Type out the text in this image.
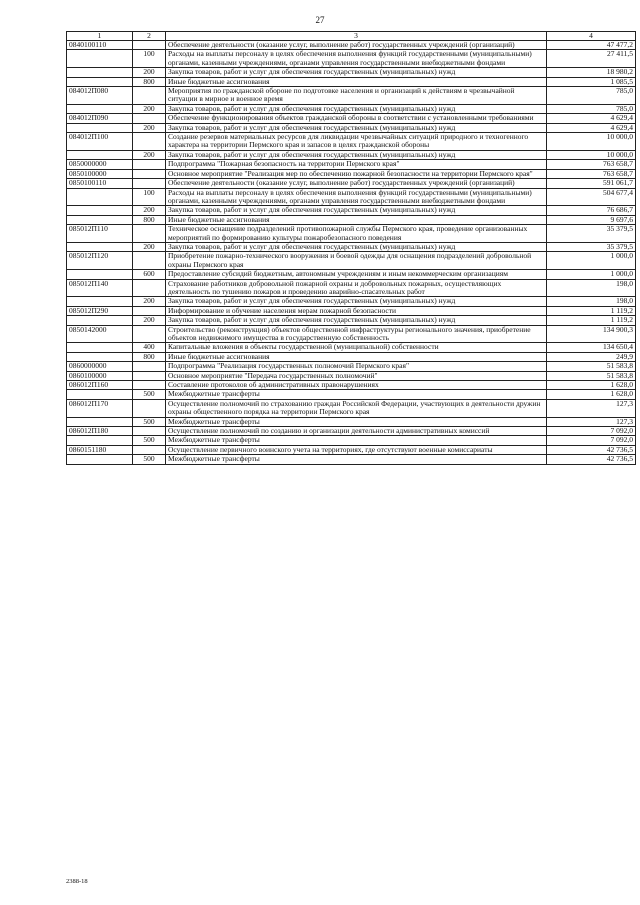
27
1	2	3	4
0840100110		Обеспечение деятельности (оказание услуг, выполнение работ) государственных учреждений (организаций)	47 477,2
	100	Расходы на выплаты персоналу в целях обеспечения выполнения функций государственными (муниципальными) органами, казенными учреждениями, органами управления государственными внебюджетными фондами	27 411,5
	200	Закупка товаров, работ и услуг для обеспечения государственных (муниципальных) нужд	18 980,2
	800	Иные бюджетные ассигнования	1 085,5
084012П080		Мероприятия по гражданской обороне по подготовке населения и организаций к действиям в чрезвычайной ситуации в мирное и военное время	785,0
	200	Закупка товаров, работ и услуг для обеспечения государственных (муниципальных) нужд	785,0
084012П090		Обеспечение функционирования объектов гражданской обороны в соответствии с установленными требованиями	4 629,4
	200	Закупка товаров, работ и услуг для обеспечения государственных (муниципальных) нужд	4 629,4
084012П100		Создание резервов материальных ресурсов для ликвидации чрезвычайных ситуаций природного и техногенного характера на территории Пермского края и запасов в целях гражданской обороны	10 000,0
	200	Закупка товаров, работ и услуг для обеспечения государственных (муниципальных) нужд	10 000,0
0850000000		Подпрограмма "Пожарная безопасность на территории Пермского края"	763 658,7
0850100000		Основное мероприятие "Реализация мер по обеспечению пожарной безопасности на территории Пермского края"	763 658,7
0850100110		Обеспечение деятельности (оказание услуг, выполнение работ) государственных учреждений (организаций)	591 061,7
	100	Расходы на выплаты персоналу в целях обеспечения выполнения функций государственными (муниципальными) органами, казенными учреждениями, органами управления государственными внебюджетными фондами	504 677,4
	200	Закупка товаров, работ и услуг для обеспечения государственных (муниципальных) нужд	76 686,7
	800	Иные бюджетные ассигнования	9 697,6
085012П110		Техническое оснащение подразделений противопожарной службы Пермского края, проведение организованных мероприятий по формированию культуры пожаробезопасного поведения	35 379,5
	200	Закупка товаров, работ и услуг для обеспечения государственных (муниципальных) нужд	35 379,5
085012П120		Приобретение пожарно-технического вооружения и боевой одежды для оснащения подразделений добровольной охраны Пермского края	1 000,0
	600	Предоставление субсидий бюджетным, автономным учреждениям и иным некоммерческим организациям	1 000,0
085012П140		Страхование работников добровольной пожарной охраны и добровольных пожарных, осуществляющих деятельность по тушению пожаров и проведению аварийно-спасательных работ	198,0
	200	Закупка товаров, работ и услуг для обеспечения государственных (муниципальных) нужд	198,0
085012П290		Информирование и обучение населения мерам пожарной безопасности	1 119,2
	200	Закупка товаров, работ и услуг для обеспечения государственных (муниципальных) нужд	1 119,2
0850142000		Строительство (реконструкция) объектов общественной инфраструктуры регионального значения, приобретение объектов недвижимого имущества в государственную собственность	134 900,3
	400	Капитальные вложения в объекты государственной (муниципальной) собственности	134 650,4
	800	Иные бюджетные ассигнования	249,9
0860000000		Подпрограмма "Реализация государственных полномочий Пермского края"	51 583,8
0860100000		Основное мероприятие "Передача государственных полномочий"	51 583,8
086012П160		Составление протоколов об административных правонарушениях	1 628,0
	500	Межбюджетные трансферты	1 628,0
086012П170		Осуществление полномочий по страхованию граждан Российской Федерации, участвующих в деятельности дружин охраны общественного порядка на территории Пермского края	127,3
	500	Межбюджетные трансферты	127,3
086012П180		Осуществление полномочий по созданию и организации деятельности административных комиссий	7 092,0
	500	Межбюджетные трансферты	7 092,0
0860151180		Осуществление первичного воинского учета на территориях, где отсутствуют военные комиссариаты	42 736,5
	500	Межбюджетные трансферты	42 736,5
2388-18
